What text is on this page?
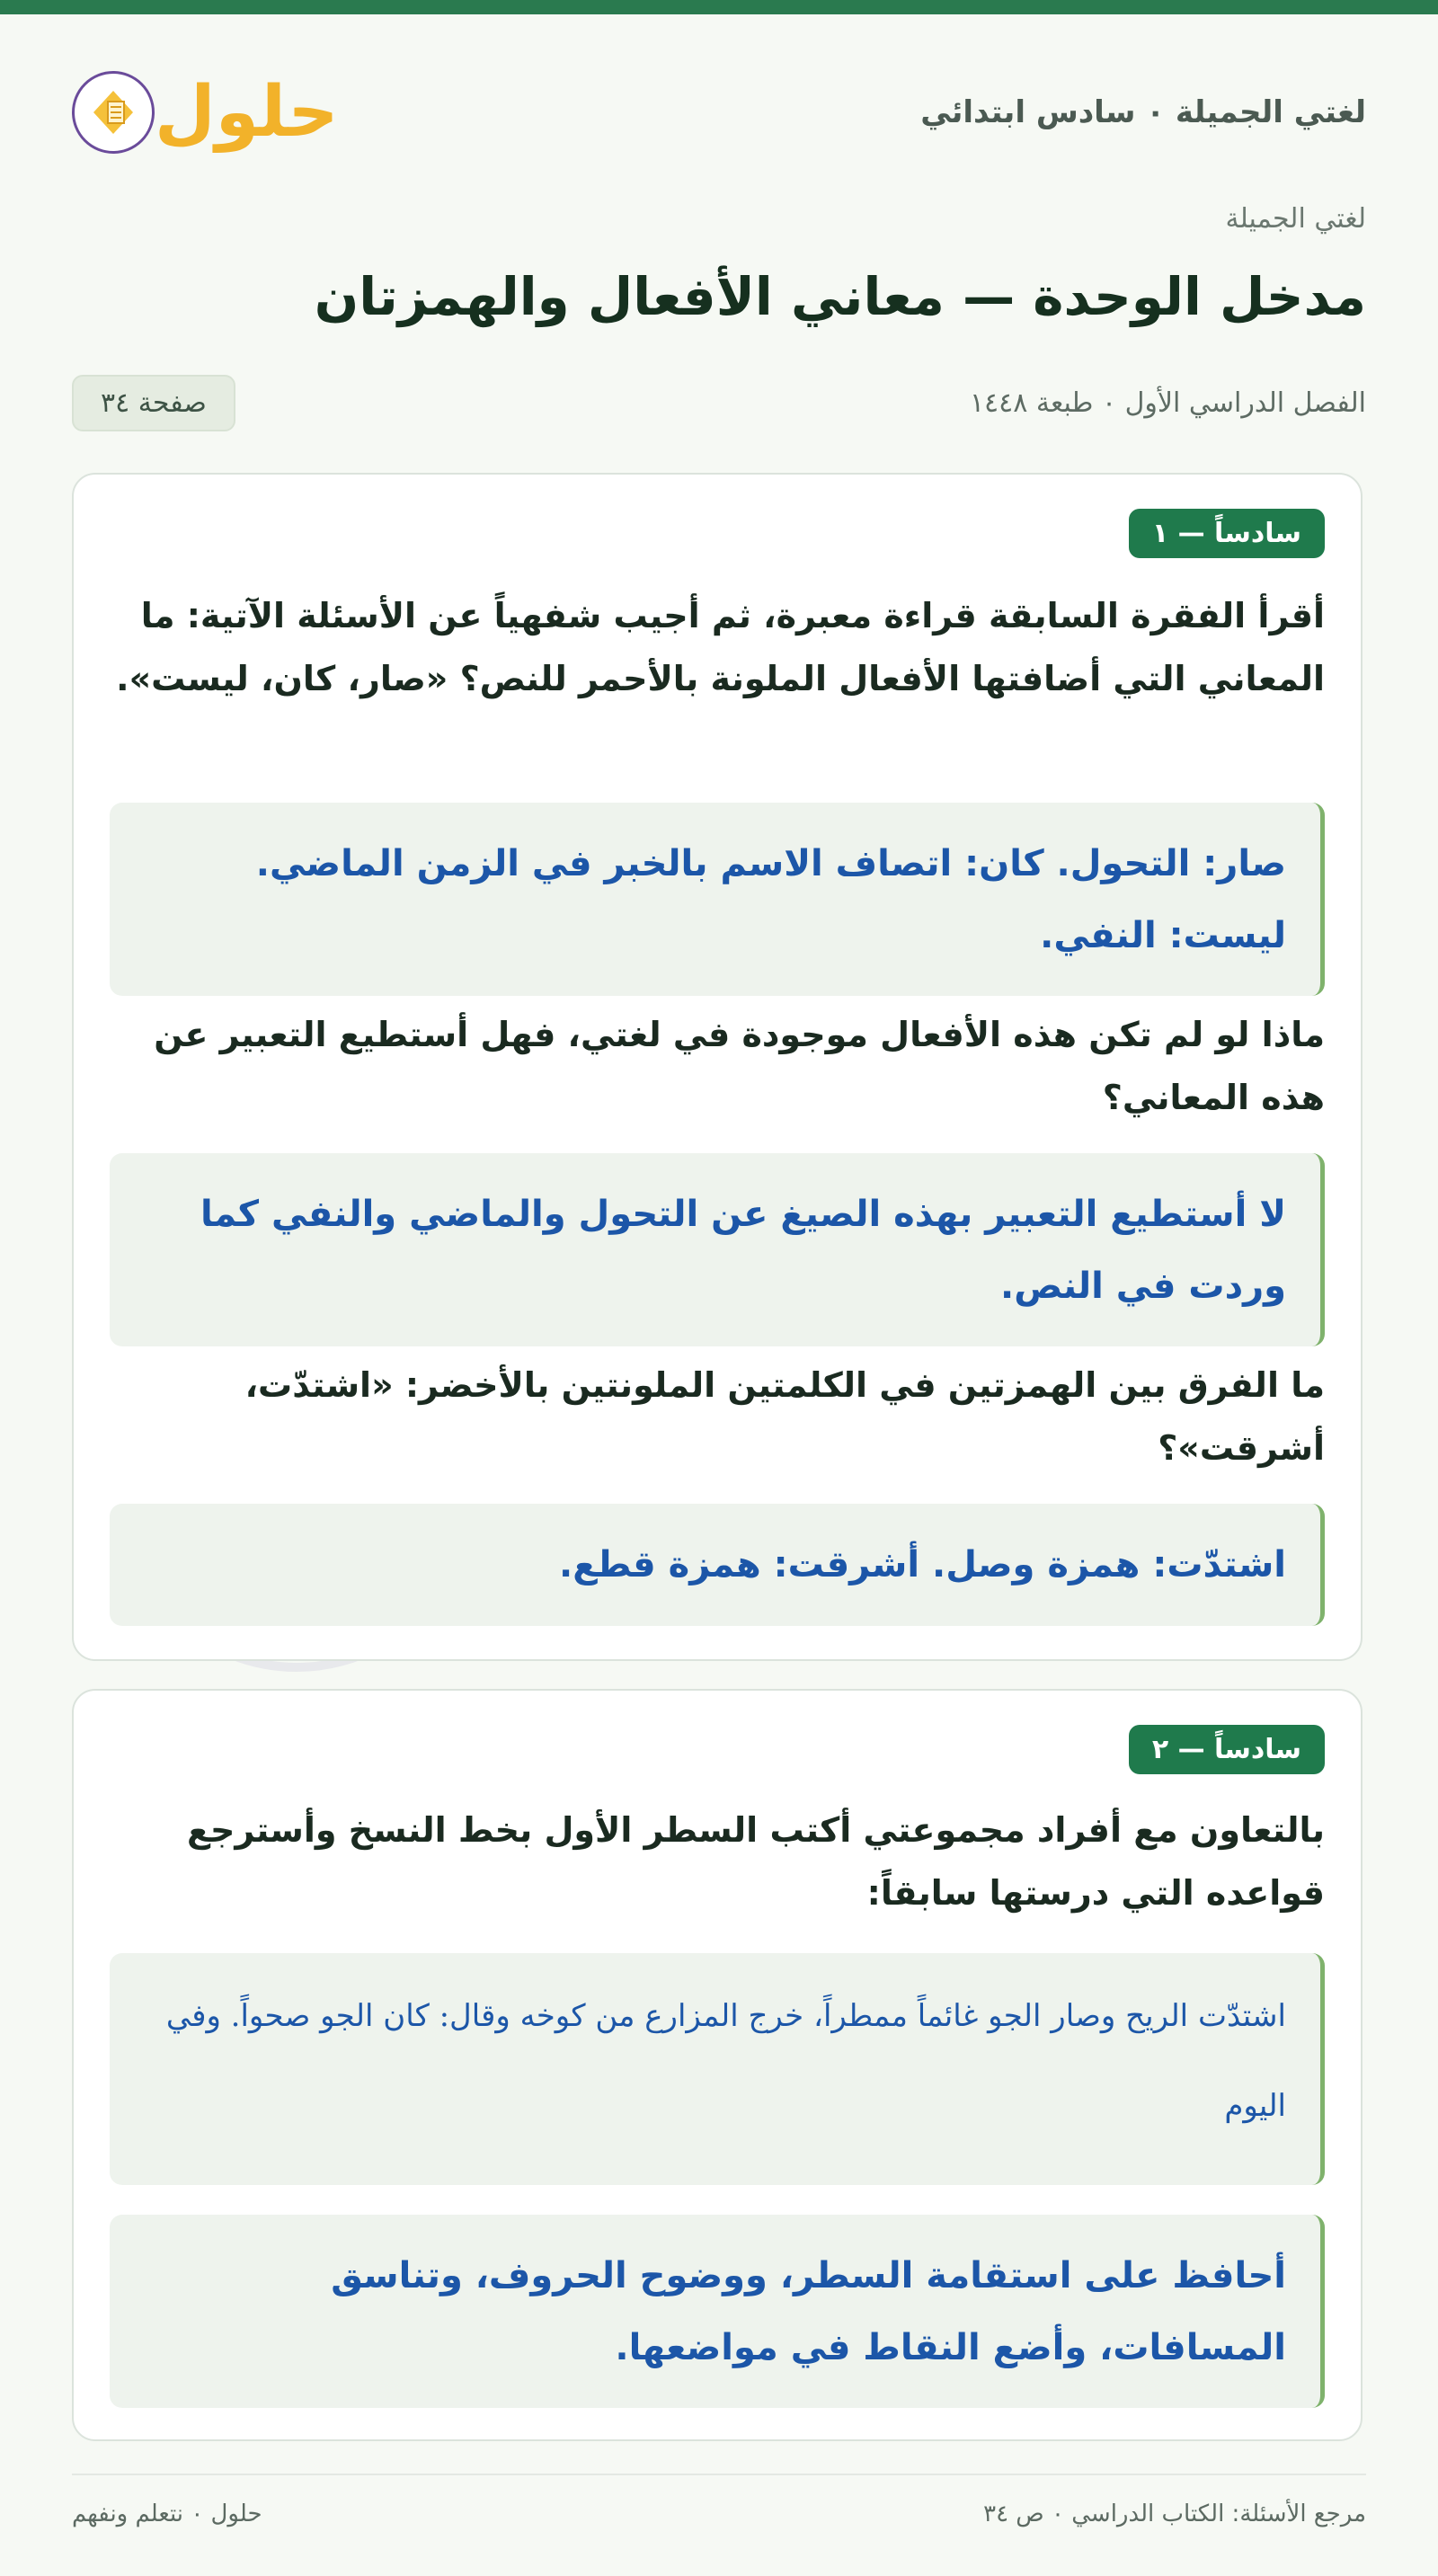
لغتي الجميلة ٠ سادس ابتدائي
حلول
لغتي الجميلة
مدخل الوحدة — معاني الأفعال والهمزتان
الفصل الدراسي الأول ٠ طبعة ١٤٤٨
صفحة ٣٤
سادساً — ١

أقرأ الفقرة السابقة قراءة معبرة، ثم أجيب شفهياً عن الأسئلة الآتية: ما المعاني التي أضافتها الأفعال الملونة بالأحمر للنص؟ «صار، كان، ليست».

صار: التحول. كان: اتصاف الاسم بالخبر في الزمن الماضي. ليست: النفي.

ماذا لو لم تكن هذه الأفعال موجودة في لغتي، فهل أستطيع التعبير عن هذه المعاني؟

لا أستطيع التعبير بهذه الصيغ عن التحول والماضي والنفي كما وردت في النص.

ما الفرق بين الهمزتين في الكلمتين الملونتين بالأخضر: «اشتدّت، أشرقت»؟

اشتدّت: همزة وصل. أشرقت: همزة قطع.
سادساً — ٢

بالتعاون مع أفراد مجموعتي أكتب السطر الأول بخط النسخ وأسترجع قواعده التي درستها سابقاً:

اشتدّت الريح وصار الجو غائماً ممطراً، خرج المزارع من كوخه وقال: كان الجو صحواً. وفي اليوم
أحافظ على استقامة السطر، ووضوح الحروف، وتناسق المسافات، وأضع النقاط في مواضعها.
مرجع الأسئلة: الكتاب الدراسي ٠ ص ٣٤
حلول ٠ نتعلم ونفهم
